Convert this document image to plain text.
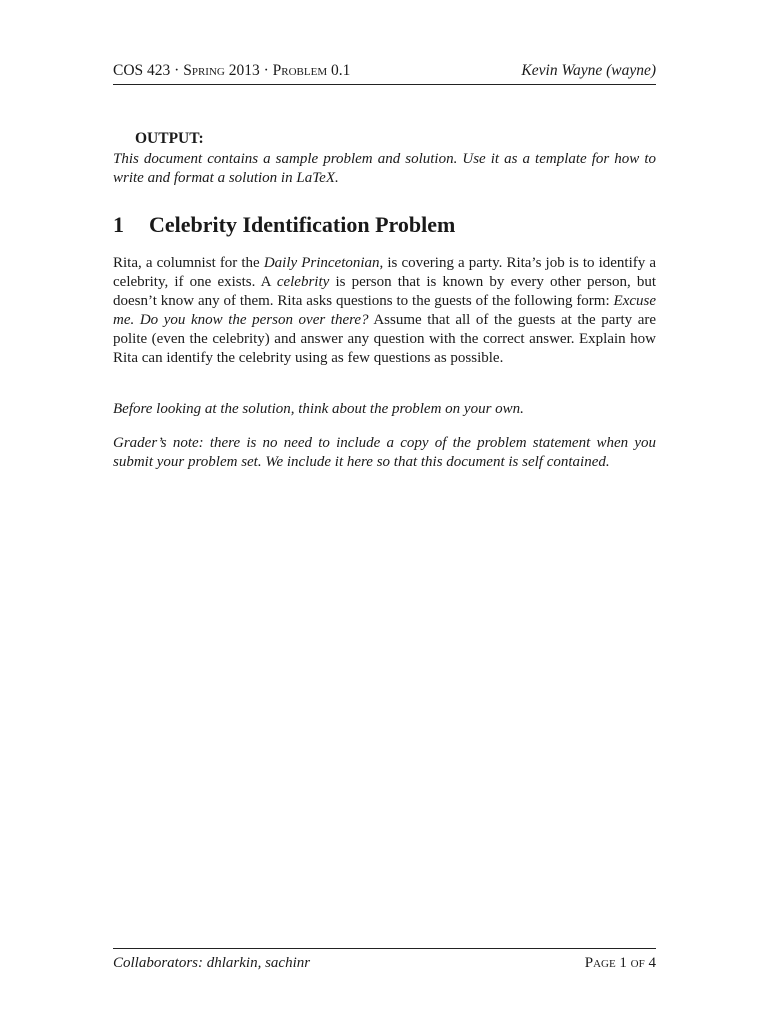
COS 423 · Spring 2013 · Problem 0.1	Kevin Wayne (wayne)
OUTPUT:
This document contains a sample problem and solution. Use it as a template for how to write and format a solution in LaTeX.
1 Celebrity Identification Problem
Rita, a columnist for the Daily Princetonian, is covering a party. Rita’s job is to identify a celebrity, if one exists. A celebrity is person that is known by every other person, but doesn’t know any of them. Rita asks questions to the guests of the following form: Excuse me. Do you know the person over there? Assume that all of the guests at the party are polite (even the celebrity) and answer any question with the correct answer. Explain how Rita can identify the celebrity using as few questions as possible.
Before looking at the solution, think about the problem on your own.
Grader’s note: there is no need to include a copy of the problem statement when you submit your problem set. We include it here so that this document is self contained.
Collaborators: dhlarkin, sachinr	Page 1 of 4
